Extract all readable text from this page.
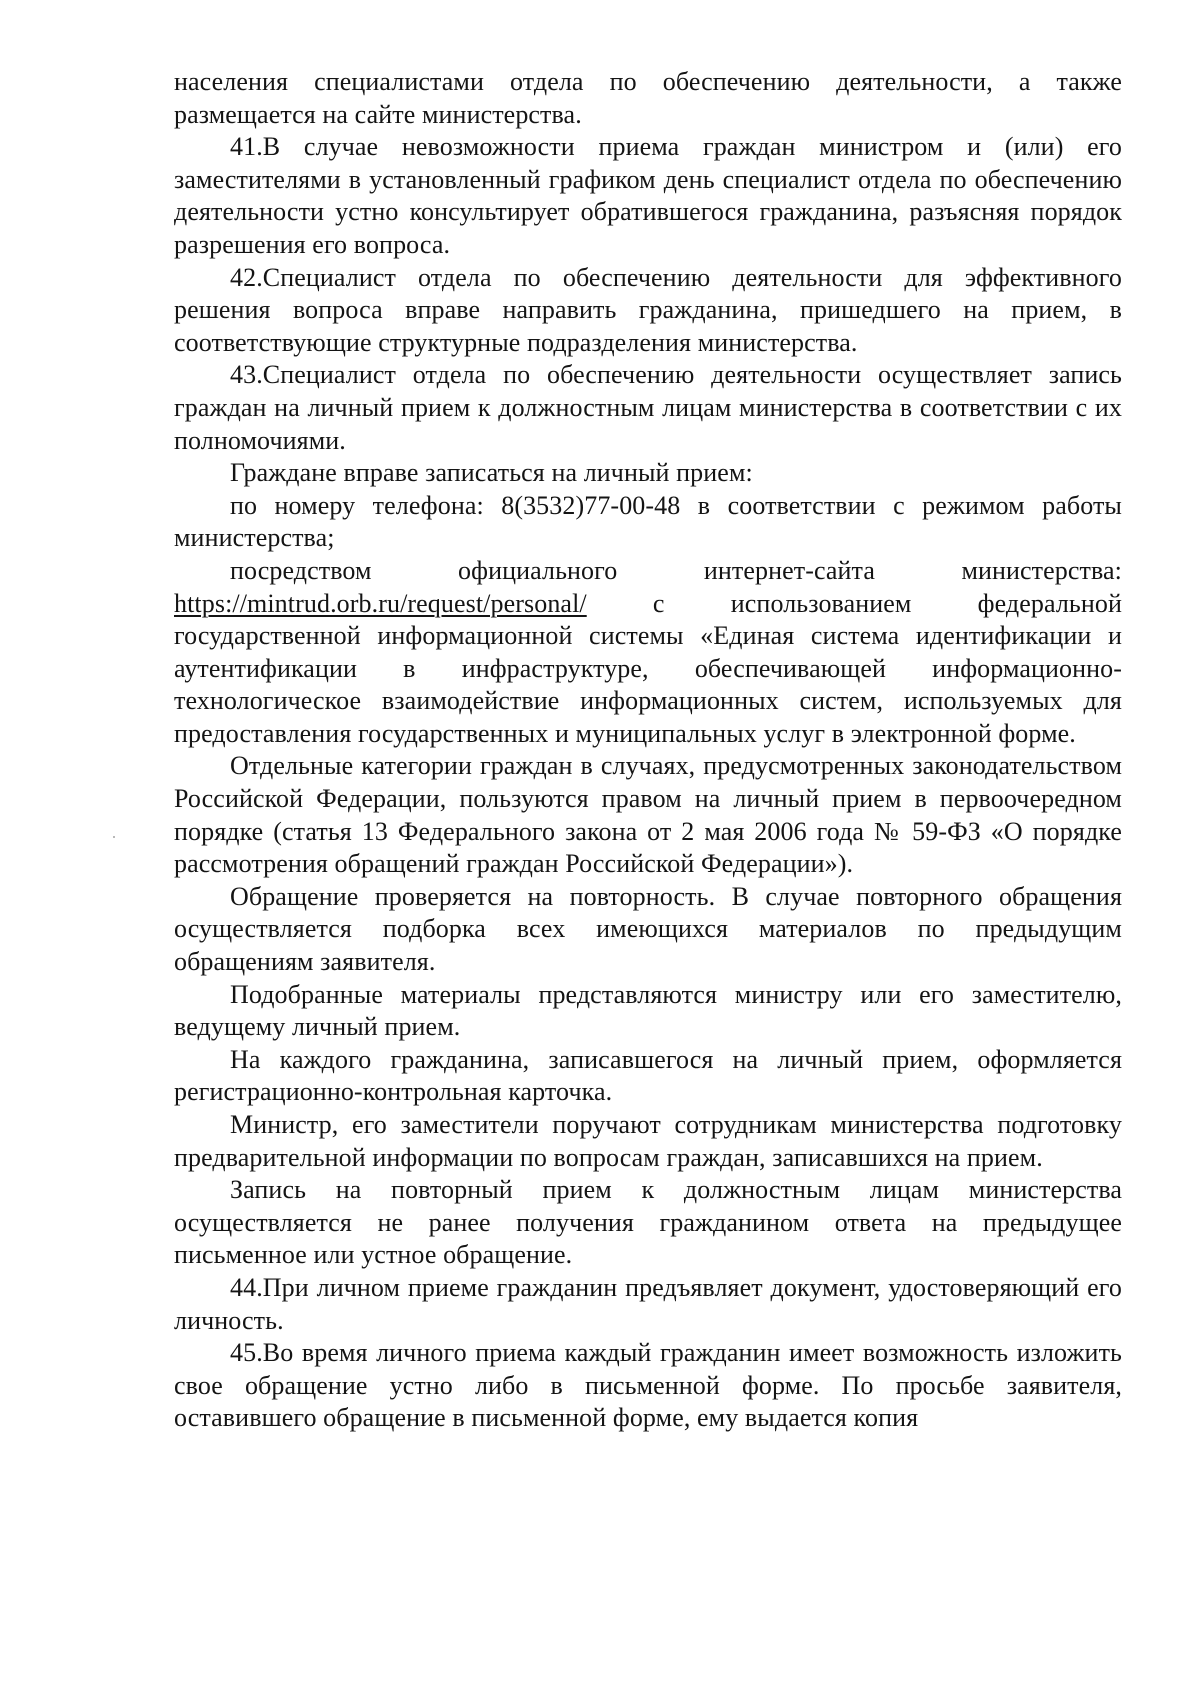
населения специалистами отдела по обеспечению деятельности, а также размещается на сайте министерства.

41.В случае невозможности приема граждан министром и (или) его заместителями в установленный графиком день специалист отдела по обеспечению деятельности устно консультирует обратившегося гражданина, разъясняя порядок разрешения его вопроса.

42.Специалист отдела по обеспечению деятельности для эффективного решения вопроса вправе направить гражданина, пришедшего на прием, в соответствующие структурные подразделения министерства.

43.Специалист отдела по обеспечению деятельности осуществляет запись граждан на личный прием к должностным лицам министерства в соответствии с их полномочиями.

Граждане вправе записаться на личный прием:

по номеру телефона: 8(3532)77-00-48 в соответствии с режимом работы министерства;

посредством официального интернет-сайта министерства: https://mintrud.orb.ru/request/personal/ с использованием федеральной государственной информационной системы «Единая система идентификации и аутентификации в инфраструктуре, обеспечивающей информационно-технологическое взаимодействие информационных систем, используемых для предоставления государственных и муниципальных услуг в электронной форме.

Отдельные категории граждан в случаях, предусмотренных законодательством Российской Федерации, пользуются правом на личный прием в первоочередном порядке (статья 13 Федерального закона от 2 мая 2006 года № 59-ФЗ «О порядке рассмотрения обращений граждан Российской Федерации»).

Обращение проверяется на повторность. В случае повторного обращения осуществляется подборка всех имеющихся материалов по предыдущим обращениям заявителя.

Подобранные материалы представляются министру или его заместителю, ведущему личный прием.

На каждого гражданина, записавшегося на личный прием, оформляется регистрационно-контрольная карточка.

Министр, его заместители поручают сотрудникам министерства подготовку предварительной информации по вопросам граждан, записавшихся на прием.

Запись на повторный прием к должностным лицам министерства осуществляется не ранее получения гражданином ответа на предыдущее письменное или устное обращение.

44.При личном приеме гражданин предъявляет документ, удостоверяющий его личность.

45.Во время личного приема каждый гражданин имеет возможность изложить свое обращение устно либо в письменной форме. По просьбе заявителя, оставившего обращение в письменной форме, ему выдается копия
